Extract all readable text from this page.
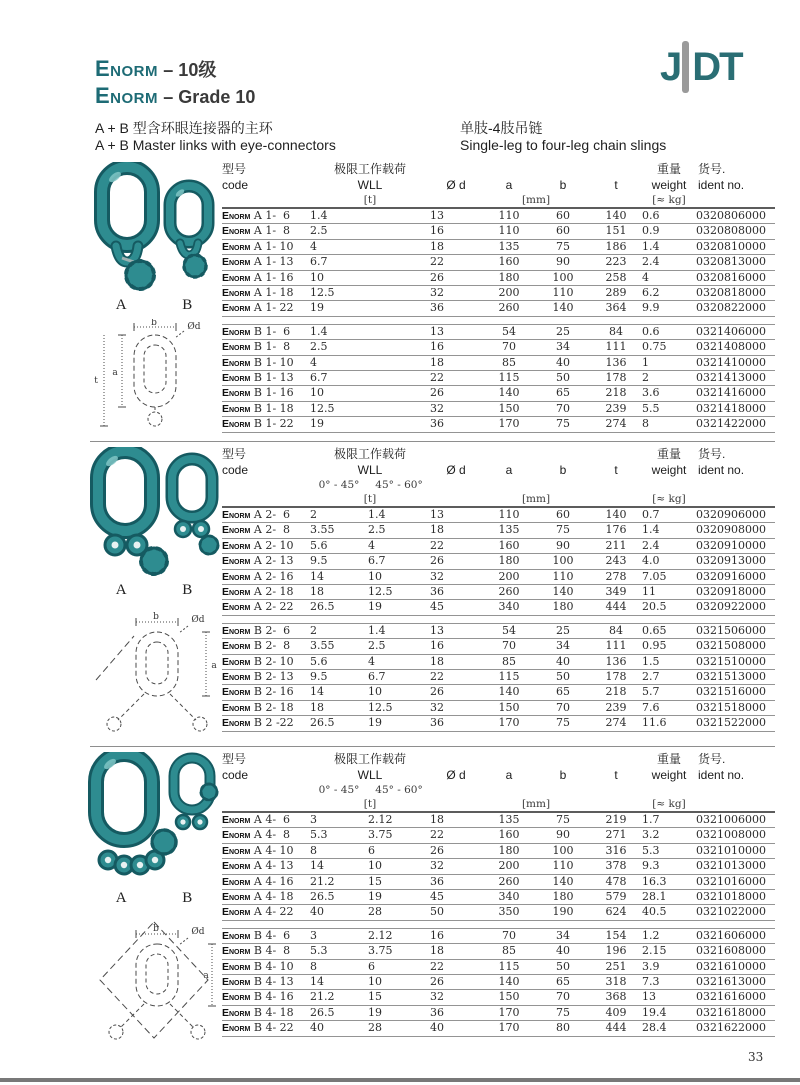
Enorm – 10级
Enorm – Grade 10
J DT
A + B 型含环眼连接器的主环
A + B Master links with eye-connectors
单肢-4肢吊链
Single-leg to four-leg chain slings
A	B
b	Ød
a
t
A	B
b	Ød
a
A	B
b	Ød
a
型号	极限工作载荷	重量	货号.
code	WLL	Ø d	a	b	t	weight ident no.
[t]	[mm]	[≈ kg]
Enorm A 1-  6	1.4	13	110	60	140	0.6	0320806000
Enorm A 1-  8	2.5	16	110	60	151	0.9	0320808000
Enorm A 1- 10	4	18	135	75	186	1.4	0320810000
Enorm A 1- 13	6.7	22	160	90	223	2.4	0320813000
Enorm A 1- 16	10	26	180	100	258	4	0320816000
Enorm A 1- 18	12.5	32	200	110	289	6.2	0320818000
Enorm A 1- 22	19	36	260	140	364	9.9	0320822000
Enorm B 1-  6	1.4	13	54	25	84	0.6	0321406000
Enorm B 1-  8	2.5	16	70	34	111	0.75	0321408000
Enorm B 1- 10	4	18	85	40	136	1	0321410000
Enorm B 1- 13	6.7	22	115	50	178	2	0321413000
Enorm B 1- 16	10	26	140	65	218	3.6	0321416000
Enorm B 1- 18	12.5	32	150	70	239	5.5	0321418000
Enorm B 1- 22	19	36	170	75	274	8	0321422000
型号	极限工作载荷	重量	货号.
code	WLL	Ø d	a	b	t	weight ident no.
0° - 45°	45° - 60°
[t]	[mm]	[≈ kg]
Enorm A 2-  6	2	1.4	13	110	60	140	0.7	0320906000
Enorm A 2-  8	3.55	2.5	18	135	75	176	1.4	0320908000
Enorm A 2- 10	5.6	4	22	160	90	211	2.4	0320910000
Enorm A 2- 13	9.5	6.7	26	180	100	243	4.0	0320913000
Enorm A 2- 16	14	10	32	200	110	278	7.05	0320916000
Enorm A 2- 18	18	12.5	36	260	140	349	11	0320918000
Enorm A 2- 22	26.5	19	45	340	180	444	20.5	0320922000
Enorm B 2-  6	2	1.4	13	54	25	84	0.65	0321506000
Enorm B 2-  8	3.55	2.5	16	70	34	111	0.95	0321508000
Enorm B 2- 10	5.6	4	18	85	40	136	1.5	0321510000
Enorm B 2- 13	9.5	6.7	22	115	50	178	2.7	0321513000
Enorm B 2- 16	14	10	26	140	65	218	5.7	0321516000
Enorm B 2- 18	18	12.5	32	150	70	239	7.6	0321518000
Enorm B 2 -22	26.5	19	36	170	75	274	11.6	0321522000
型号	极限工作载荷	重量	货号.
code	WLL	Ø d	a	b	t	weight ident no.
0° - 45°	45° - 60°
[t]	[mm]	[≈ kg]
Enorm A 4-  6	3	2.12	18	135	75	219	1.7	0321006000
Enorm A 4-  8	5.3	3.75	22	160	90	271	3.2	0321008000
Enorm A 4- 10	8	6	26	180	100	316	5.3	0321010000
Enorm A 4- 13	14	10	32	200	110	378	9.3	0321013000
Enorm A 4- 16	21.2	15	36	260	140	478	16.3	0321016000
Enorm A 4- 18	26.5	19	45	340	180	579	28.1	0321018000
Enorm A 4- 22	40	28	50	350	190	624	40.5	0321022000
Enorm B 4-  6	3	2.12	16	70	34	154	1.2	0321606000
Enorm B 4-  8	5.3	3.75	18	85	40	196	2.15	0321608000
Enorm B 4- 10	8	6	22	115	50	251	3.9	0321610000
Enorm B 4- 13	14	10	26	140	65	318	7.3	0321613000
Enorm B 4- 16	21.2	15	32	150	70	368	13	0321616000
Enorm B 4- 18	26.5	19	36	170	75	409	19.4	0321618000
Enorm B 4- 22	40	28	40	170	80	444	28.4	0321622000
33
